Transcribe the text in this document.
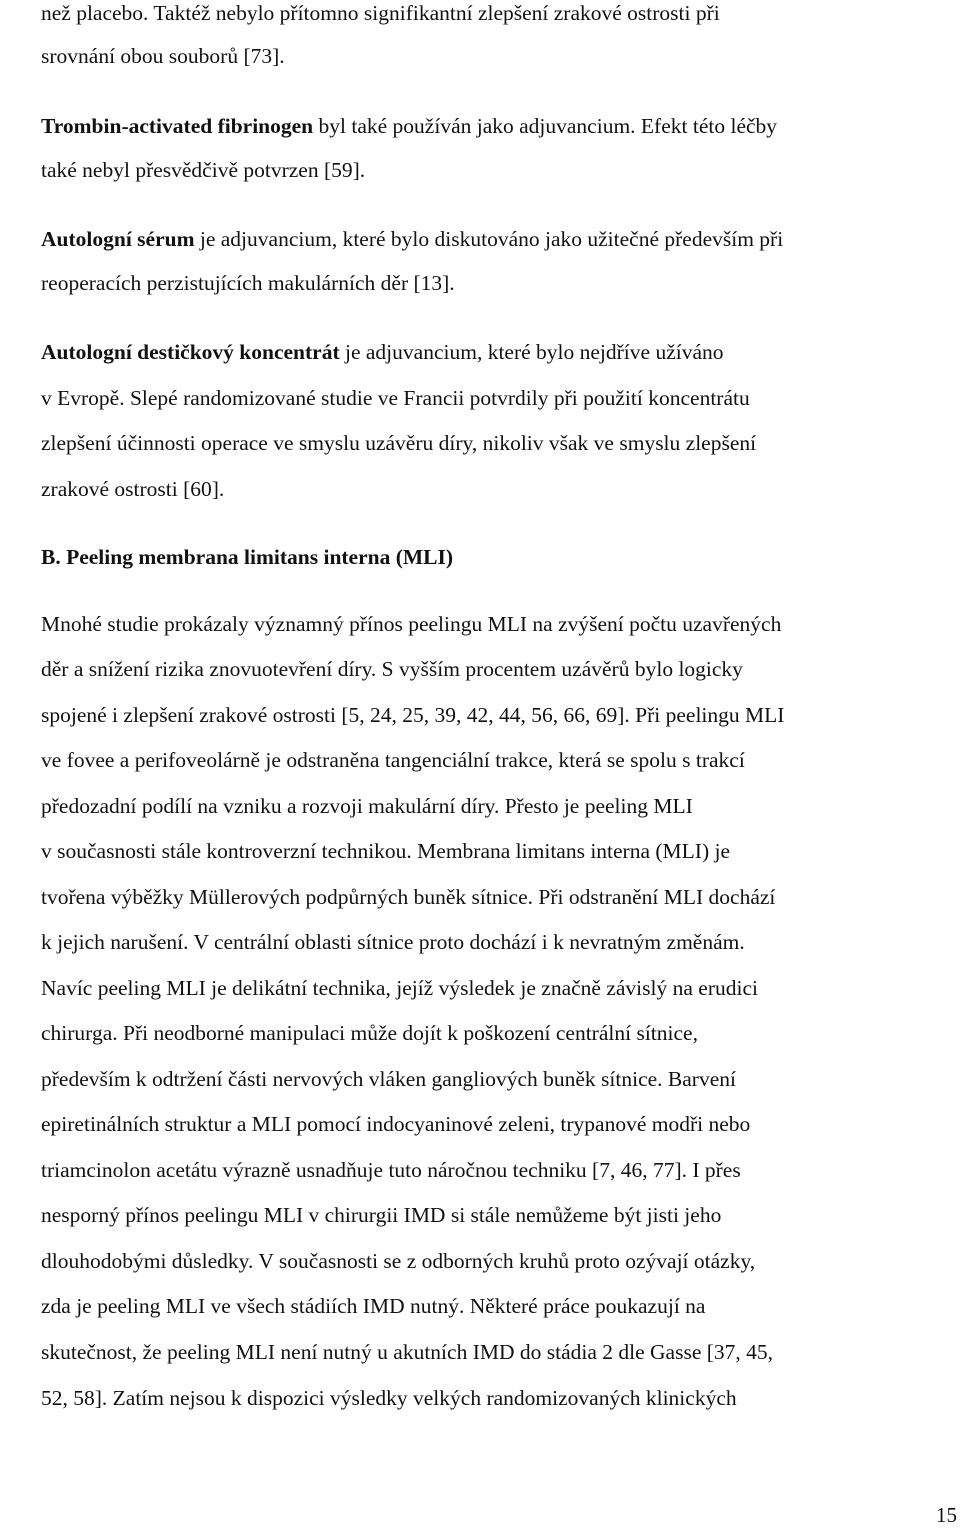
než placebo. Taktéž nebylo přítomno signifikantní zlepšení zrakové ostrosti při
srovnání obou souborů [73].
Trombin-activated fibrinogen byl také používán jako adjuvancium. Efekt této léčby
také nebyl přesvědčivě potvrzen [59].
Autologní sérum je adjuvancium, které bylo diskutováno jako užitečné především při
reoperacích perzistujících makulárních děr [13].
Autologní destičkový koncentrát je adjuvancium, které bylo nejdříve užíváno
v Evropě. Slepé randomizované studie ve Francii potvrdily při použití koncentrátu
zlepšení účinnosti operace ve smyslu uzávěru díry, nikoliv však ve smyslu zlepšení
zrakové ostrosti [60].
B. Peeling membrana limitans interna (MLI)
Mnohé studie prokázaly významný přínos peelingu MLI na zvýšení počtu uzavřených
děr a snížení rizika znovuotevření díry. S vyšším procentem uzávěrů bylo logicky
spojené i zlepšení zrakové ostrosti [5, 24, 25, 39, 42, 44, 56, 66, 69]. Při peelingu MLI
ve fovee a perifoveolárně je odstraněna tangenciální trakce, která se spolu s trakcí
předozadní podílí na vzniku a rozvoji makulární díry. Přesto je peeling MLI
v současnosti stále kontroverzní technikou. Membrana limitans interna (MLI) je
tvořena výběžky Müllerových podpůrných buněk sítnice. Při odstranění MLI dochází
k jejich narušení. V centrální oblasti sítnice proto dochází i k nevratným změnám.
Navíc peeling MLI je delikátní technika, jejíž výsledek je značně závislý na erudici
chirurga. Při neodborné manipulaci může dojít k poškození centrální sítnice,
především k odtržení části nervových vláken gangliových buněk sítnice. Barvení
epiretinálních struktur a MLI pomocí indocyaninové zeleni, trypanové modři nebo
triamcinolon acetátu výrazně usnadňuje tuto náročnou techniku [7, 46, 77]. I přes
nesporný přínos peelingu MLI v chirurgii IMD si stále nemůžeme být jisti jeho
dlouhodobými důsledky. V současnosti se z odborných kruhů proto ozývají otázky,
zda je peeling MLI ve všech stádiích IMD nutný. Některé práce poukazují na
skutečnost, že peeling MLI není nutný u akutních IMD do stádia 2 dle Gasse [37, 45,
52, 58]. Zatím nejsou k dispozici výsledky velkých randomizovaných klinických
15
